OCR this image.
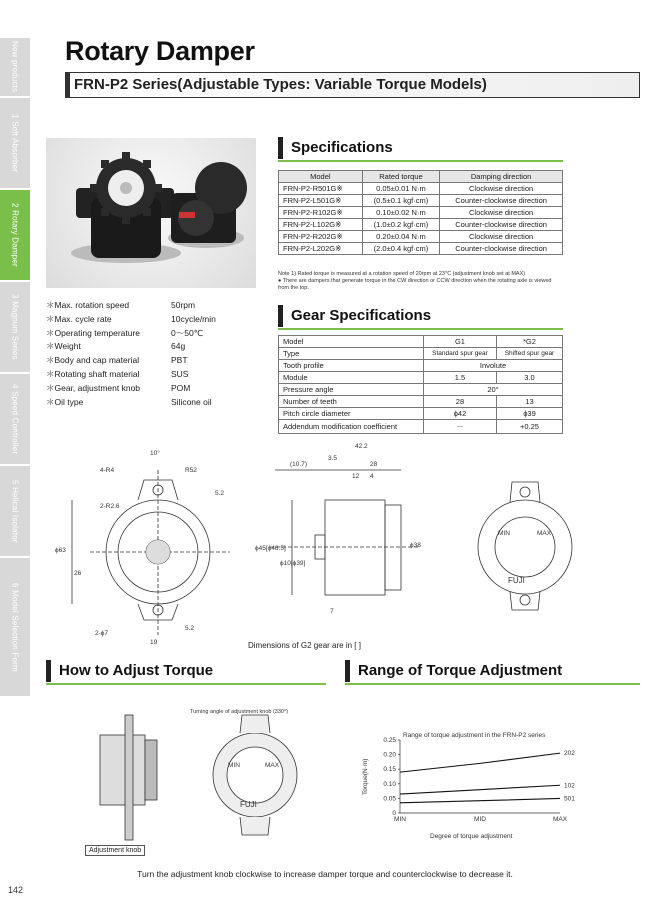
New products
1 Soft Absorber
2 Rotary Damper
3 Magnum Series
4 Speed Controller
5 Helical Isolator
6 Model Selection Form
142
Rotary Damper
FRN-P2 Series(Adjustable Types: Variable Torque Models)
Specifications
Model	Rated torque	Damping direction
FRN-P2-R501G※	0.05±0.01 N·m	Clockwise direction
FRN-P2-L501G※	(0.5±0.1 kgf·cm)	Counter-clockwise direction
FRN-P2-R102G※	0.10±0.02 N·m	Clockwise direction
FRN-P2-L102G※	(1.0±0.2 kgf·cm)	Counter-clockwise direction
FRN-P2-R202G※	0.20±0.04 N·m	Clockwise direction
FRN-P2-L202G※	(2.0±0.4 kgf·cm)	Counter-clockwise direction
Note 1) Rated torque is measured at a rotation speed of 20rpm at 23℃ (adjustment knob set at MAX)
● There are dampers that generate torque in the CW direction or CCW direction when the rotating axle is viewed from the top.
＊Max. rotation speed	50rpm
＊Max. cycle rate	10cycle/min
＊Operating temperature	0～50℃
＊Weight	64g
＊Body and cap material	PBT
＊Rotating shaft material	SUS
＊Gear, adjustment knob	POM
＊Oil type	Silicone oil
Gear Specifications
Model	G1	*G2
Type	Standard spur gear	Shifted spur gear
Tooth profile	Involute	
Module	1.5	3.0
Pressure angle	20°	
Number of teeth	28	13
Pitch circle diameter	ϕ42	ϕ39
Addendum modification coefficient	－	+0.25
10°
4-R4	R52
5.2
2-R2.6
ϕ63
26
2-ϕ7
19
5.2
42.2
3.5
(10.7)	28
12 4
ϕ45[ϕ46.5]
ϕ10[ϕ39]
ϕ38
7
FUJI
MIN	MAX
Dimensions of G2 gear are in [ ]
How to Adjust Torque	Range of Torque Adjustment
Turning angle of adjustment knob (330°)
FUJI
MIN	MAX
Adjustment knob
Range of torque adjustment in the FRN-P2 series
Degree of torque adjustment
Torque(N·m)
0
0.05
0.10
0.15
0.20
0.25
MIN	MID	MAX
202
102
501
Turn the adjustment knob clockwise to increase damper torque and counterclockwise to decrease it.
